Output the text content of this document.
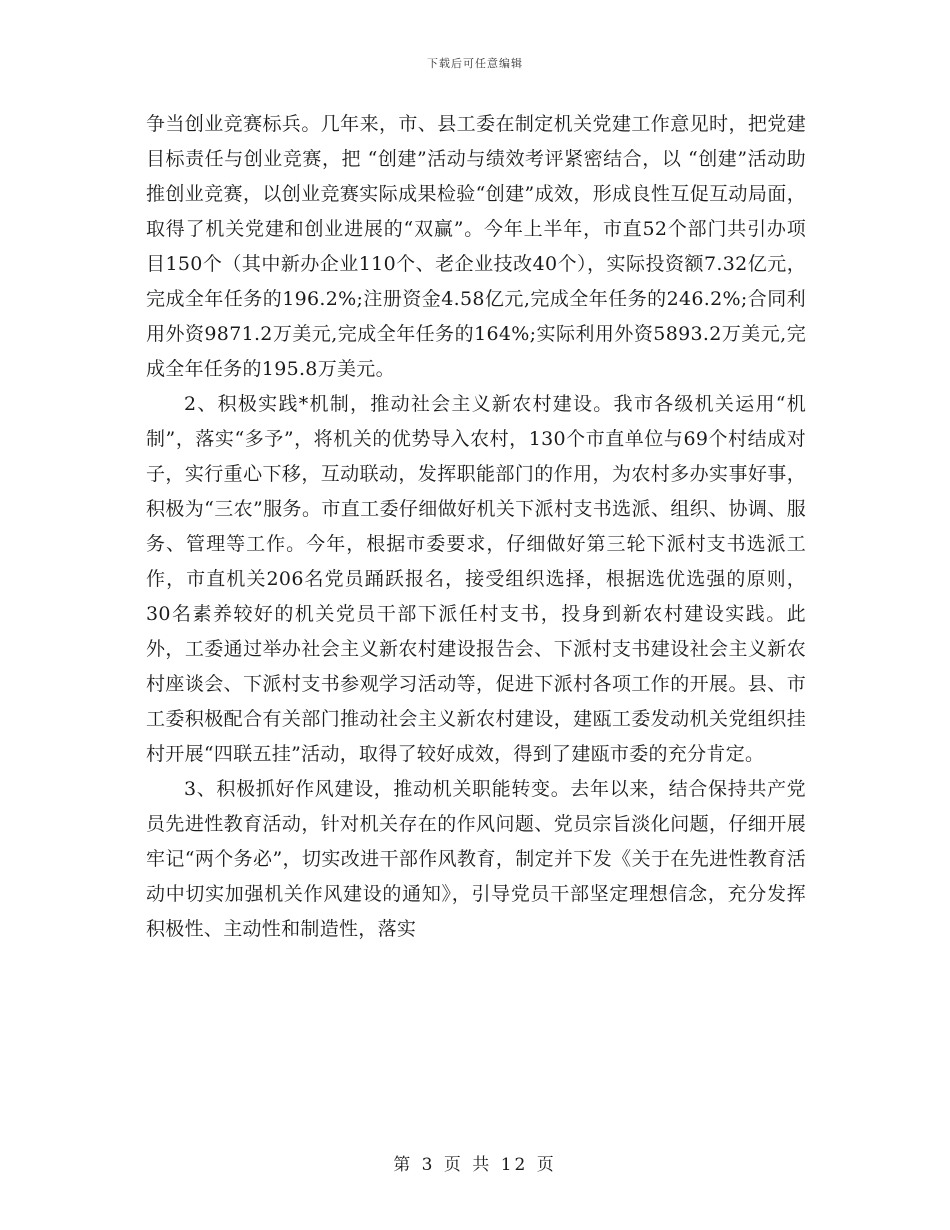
下载后可任意编辑

争当创业竞赛标兵。几年来，市、县工委在制定机关党建工作意见时，把党建目标责任与创业竞赛，把 “创建”活动与绩效考评紧密结合，以 “创建”活动助推创业竞赛，以创业竞赛实际成果检验“创建”成效，形成良性互促互动局面，取得了机关党建和创业进展的“双赢”。今年上半年，市直52个部门共引办项目150个（其中新办企业110个、老企业技改40个），实际投资额7.32亿元，完成全年任务的196.2%;注册资金4.58亿元,完成全年任务的246.2%;合同利用外资9871.2万美元,完成全年任务的164%;实际利用外资5893.2万美元,完成全年任务的195.8万美元。

2、积极实践*机制，推动社会主义新农村建设。我市各级机关运用“机制”，落实“多予”，将机关的优势导入农村，130个市直单位与69个村结成对子，实行重心下移，互动联动，发挥职能部门的作用，为农村多办实事好事，积极为“三农”服务。市直工委仔细做好机关下派村支书选派、组织、协调、服务、管理等工作。今年，根据市委要求，仔细做好第三轮下派村支书选派工作，市直机关206名党员踊跃报名，接受组织选择，根据选优选强的原则，30名素养较好的机关党员干部下派任村支书，投身到新农村建设实践。此外，工委通过举办社会主义新农村建设报告会、下派村支书建设社会主义新农村座谈会、下派村支书参观学习活动等，促进下派村各项工作的开展。县、市工委积极配合有关部门推动社会主义新农村建设，建瓯工委发动机关党组织挂村开展“四联五挂”活动，取得了较好成效，得到了建瓯市委的充分肯定。

3、积极抓好作风建设，推动机关职能转变。去年以来，结合保持共产党员先进性教育活动，针对机关存在的作风问题、党员宗旨淡化问题，仔细开展牢记“两个务必”，切实改进干部作风教育，制定并下发《关于在先进性教育活动中切实加强机关作风建设的通知》，引导党员干部坚定理想信念，充分发挥积极性、主动性和制造性，落实

第 3 页 共 12 页
